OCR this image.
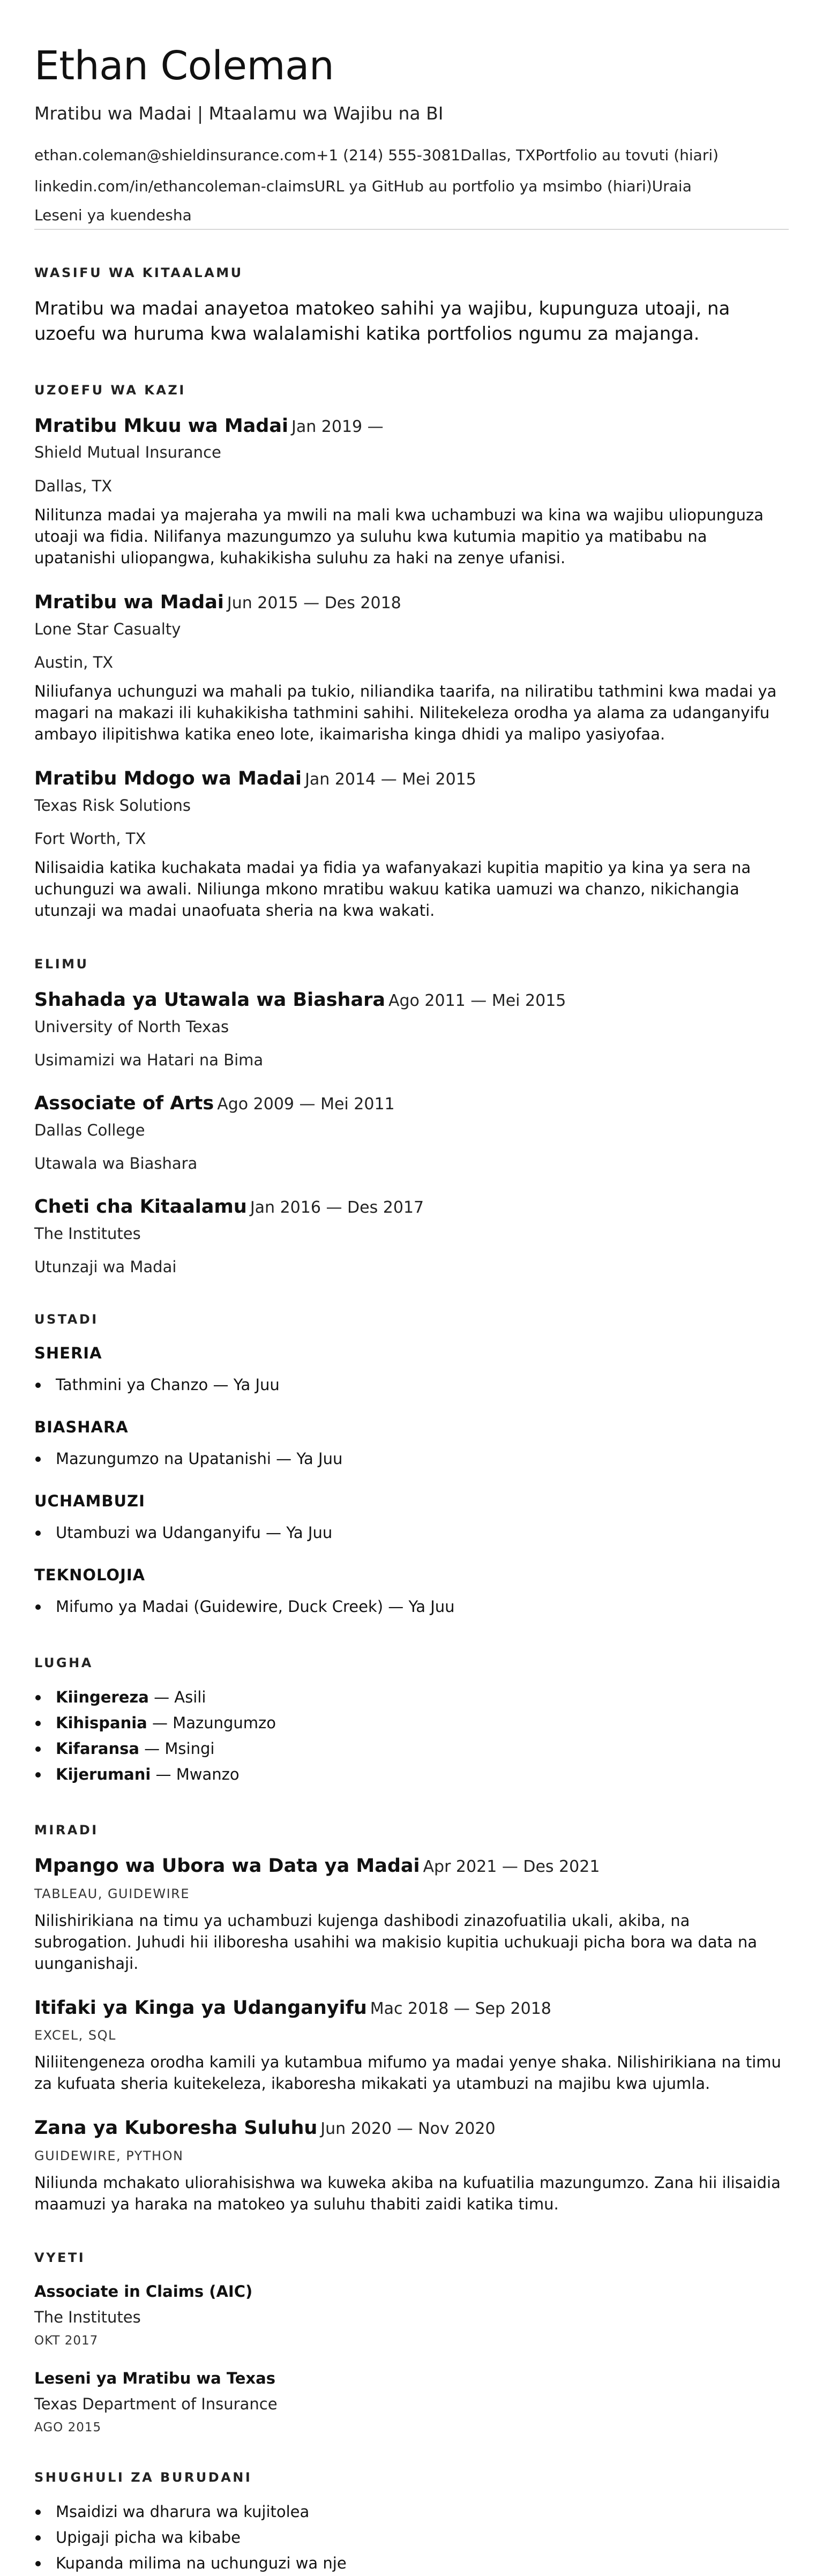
Ethan Coleman
Mratibu wa Madai | Mtaalamu wa Wajibu na BI
ethan.coleman@shieldinsurance.com+1 (214) 555-3081Dallas, TXPortfolio au tovuti (hiari)
linkedin.com/in/ethancoleman-claimsURL ya GitHub au portfolio ya msimbo (hiari)Uraia
Leseni ya kuendesha
WASIFU WA KITAALAMU

Mratibu wa madai anayetoa matokeo sahihi ya wajibu, kupunguza utoaji, na uzoefu wa huruma kwa walalamishi katika portfolios ngumu za majanga.

UZOEFU WA KAZI
Mratibu Mkuu wa Madai Jan 2019 —
Shield Mutual Insurance
Dallas, TX

Nilitunza madai ya majeraha ya mwili na mali kwa uchambuzi wa kina wa wajibu uliopunguza utoaji wa fidia. Nilifanya mazungumzo ya suluhu kwa kutumia mapitio ya matibabu na upatanishi uliopangwa, kuhakikisha suluhu za haki na zenye ufanisi.

Mratibu wa Madai Jun 2015 — Des 2018
Lone Star Casualty
Austin, TX

Niliufanya uchunguzi wa mahali pa tukio, niliandika taarifa, na niliratibu tathmini kwa madai ya magari na makazi ili kuhakikisha tathmini sahihi. Nilitekeleza orodha ya alama za udanganyifu ambayo ilipitishwa katika eneo lote, ikaimarisha kinga dhidi ya malipo yasiyofaa.

Mratibu Mdogo wa Madai Jan 2014 — Mei 2015
Texas Risk Solutions
Fort Worth, TX

Nilisaidia katika kuchakata madai ya fidia ya wafanyakazi kupitia mapitio ya kina ya sera na uchunguzi wa awali. Niliunga mkono mratibu wakuu katika uamuzi wa chanzo, nikichangia utunzaji wa madai unaofuata sheria na kwa wakati.

ELIMU
Shahada ya Utawala wa Biashara Ago 2011 — Mei 2015
University of North Texas
Usimamizi wa Hatari na Bima
Associate of Arts Ago 2009 — Mei 2011
Dallas College
Utawala wa Biashara
Cheti cha Kitaalamu Jan 2016 — Des 2017
The Institutes
Utunzaji wa Madai
USTADI
SHERIA
Tathmini ya Chanzo — Ya Juu
BIASHARA
Mazungumzo na Upatanishi — Ya Juu
UCHAMBUZI
Utambuzi wa Udanganyifu — Ya Juu
TEKNOLOJIA
Mifumo ya Madai (Guidewire, Duck Creek) — Ya Juu
LUGHA
Kiingereza — Asili
Kihispania — Mazungumzo
Kifaransa — Msingi
Kijerumani — Mwanzo
MIRADI
Mpango wa Ubora wa Data ya Madai Apr 2021 — Des 2021
TABLEAU, GUIDEWIRE

Nilishirikiana na timu ya uchambuzi kujenga dashibodi zinazofuatilia ukali, akiba, na subrogation. Juhudi hii iliboresha usahihi wa makisio kupitia uchukuaji picha bora wa data na uunganishaji.

Itifaki ya Kinga ya Udanganyifu Mac 2018 — Sep 2018
EXCEL, SQL

Niliitengeneza orodha kamili ya kutambua mifumo ya madai yenye shaka. Nilishirikiana na timu za kufuata sheria kuitekeleza, ikaboresha mikakati ya utambuzi na majibu kwa ujumla.

Zana ya Kuboresha Suluhu Jun 2020 — Nov 2020
GUIDEWIRE, PYTHON

Niliunda mchakato uliorahisishwa wa kuweka akiba na kufuatilia mazungumzo. Zana hii ilisaidia maamuzi ya haraka na matokeo ya suluhu thabiti zaidi katika timu.

VYETI
Associate in Claims (AIC)
The Institutes
OKT 2017
Leseni ya Mratibu wa Texas
Texas Department of Insurance
AGO 2015
SHUGHULI ZA BURUDANI
Msaidizi wa dharura wa kujitolea
Upigaji picha wa kibabe
Kupanda milima na uchunguzi wa nje
